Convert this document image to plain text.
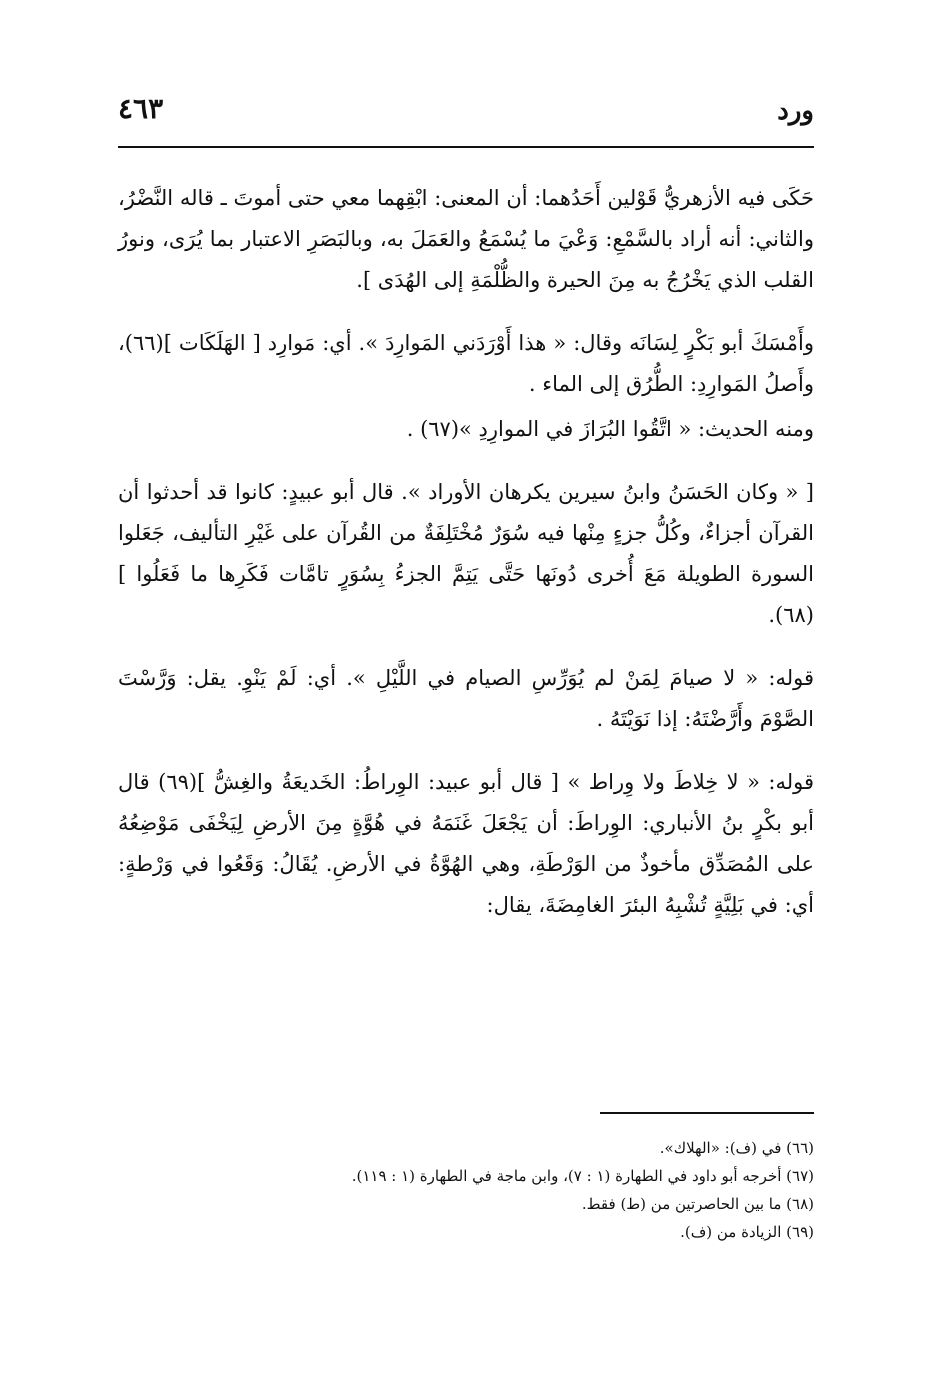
ورد
٤٦٣

حَكَى فيه الأزهريُّ قَوْلين أَحَدُهما: أن المعنى: ابْقِهما معي حتى أموتَ ـ قاله النَّضْرُ، والثاني: أنه أراد بالسَّمْعِ: وَعْيَ ما يُسْمَعُ والعَمَلَ به، وبالبَصَرِ الاعتبار بما يُرَى، ونورُ القلب الذي يَخْرُجُ به مِنَ الحيرة والظُّلْمَةِ إلى الهُدَى ].

وأَمْسَكَ أبو بَكْرٍ لِسَانَه وقال: « هذا أَوْرَدَني المَوارِدَ ». أي: مَوارِد [ الهَلَكَات ](٦٦)، وأَصلُ المَوارِدِ: الطُّرُق إلى الماء .

ومنه الحديث: « اتَّقُوا البُرَازَ في الموارِدِ »(٦٧) .

[ « وكان الحَسَنُ وابنُ سيرين يكرهان الأوراد ». قال أبو عبيدٍ: كانوا قد أحدثوا أن القرآن أجزاءٌ، وكُلُّ جزءٍ مِنْها فيه سُوَرٌ مُخْتَلِفَةٌ من القُرآن على غَيْرِ التأليف، جَعَلوا السورة الطويلة مَعَ أُخرى دُونَها حَتَّى يَتِمَّ الجزءُ بِسُوَرٍ تامَّات فَكَرِها ما فَعَلُوا ](٦٨).

قوله: « لا صيامَ لِمَنْ لم يُوَرِّسِ الصيام في اللَّيْلِ ». أي: لَمْ يَنْوِ. يقل: وَرَّسْتَ الصَّوْمَ وأَرَّضْتَهُ: إذا نَوَيْتَهُ .

قوله: « لا خِلاطَ ولا وِراط » [ قال أبو عبيد: الوِراطُ: الخَديعَةُ والغِشُّ ](٦٩) قال أبو بكْرٍ بنُ الأنباري: الوِراطَ: أن يَجْعَلَ غَنَمَهُ في هُوَّةٍ مِنَ الأرضِ لِيَخْفَى مَوْضِعُهُ على المُصَدِّق مأخوذٌ من الوَرْطَةِ، وهي الهُوَّةُ في الأرضِ. يُقَالُ: وَقَعُوا في وَرْطةٍ: أي: في بَلِيَّةٍ تُشْبِهُ البئرَ الغامِضَةَ، يقال:

(٦٦) في (ف): «الهلاك».

(٦٧) أخرجه أبو داود في الطهارة (١ : ٧)، وابن ماجة في الطهارة (١ : ١١٩).

(٦٨) ما بين الحاصرتين من (ط) فقط.

(٦٩) الزيادة من (ف).
